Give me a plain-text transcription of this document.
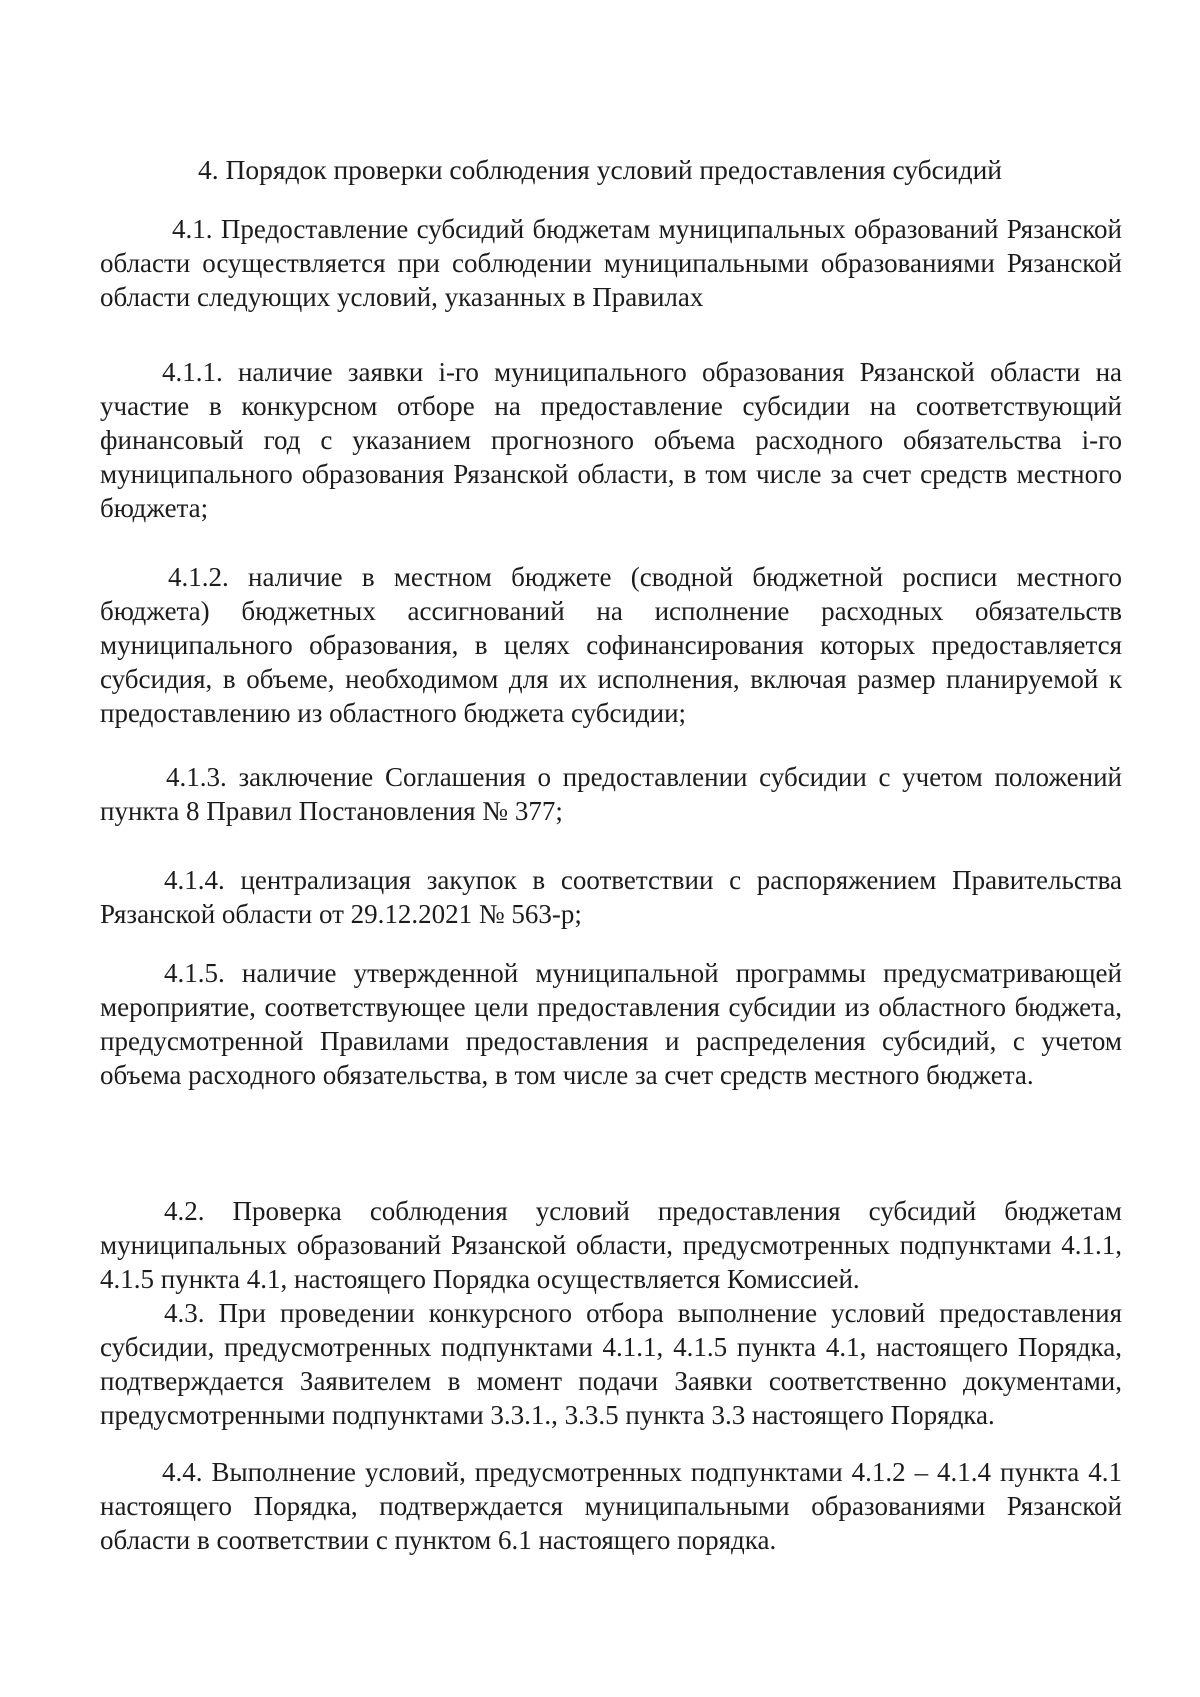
4. Порядок проверки соблюдения условий предоставления субсидий

4.1. Предоставление субсидий бюджетам муниципальных образований Рязанской области осуществляется при соблюдении муниципальными образованиями Рязанской области следующих условий, указанных в Правилах

4.1.1. наличие заявки i-го муниципального образования Рязанской области на участие в конкурсном отборе на предоставление субсидии на соответствующий финансовый год с указанием прогнозного объема расходного обязательства i-го муниципального образования Рязанской области, в том числе за счет средств местного бюджета;

4.1.2. наличие в местном бюджете (сводной бюджетной росписи местного бюджета) бюджетных ассигнований на исполнение расходных обязательств муниципального образования, в целях софинансирования которых предоставляется субсидия, в объеме, необходимом для их исполнения, включая размер планируемой к предоставлению из областного бюджета субсидии;

4.1.3. заключение Соглашения о предоставлении субсидии с учетом положений пункта 8 Правил Постановления № 377;

4.1.4. централизация закупок в соответствии с распоряжением Правительства Рязанской области от 29.12.2021 № 563-р;

4.1.5. наличие утвержденной муниципальной программы предусматривающей мероприятие, соответствующее цели предоставления субсидии из областного бюджета, предусмотренной Правилами предоставления и распределения субсидий, с учетом объема расходного обязательства, в том числе за счет средств местного бюджета.

4.2. Проверка соблюдения условий предоставления субсидий бюджетам муниципальных образований Рязанской области, предусмотренных подпунктами 4.1.1, 4.1.5 пункта 4.1, настоящего Порядка осуществляется Комиссией.

4.3. При проведении конкурсного отбора выполнение условий предоставления субсидии, предусмотренных подпунктами 4.1.1, 4.1.5 пункта 4.1, настоящего Порядка, подтверждается Заявителем в момент подачи Заявки соответственно документами, предусмотренными подпунктами 3.3.1., 3.3.5 пункта 3.3 настоящего Порядка.

4.4. Выполнение условий, предусмотренных подпунктами 4.1.2 – 4.1.4 пункта 4.1 настоящего Порядка, подтверждается муниципальными образованиями Рязанской области в соответствии с пунктом 6.1 настоящего порядка.
